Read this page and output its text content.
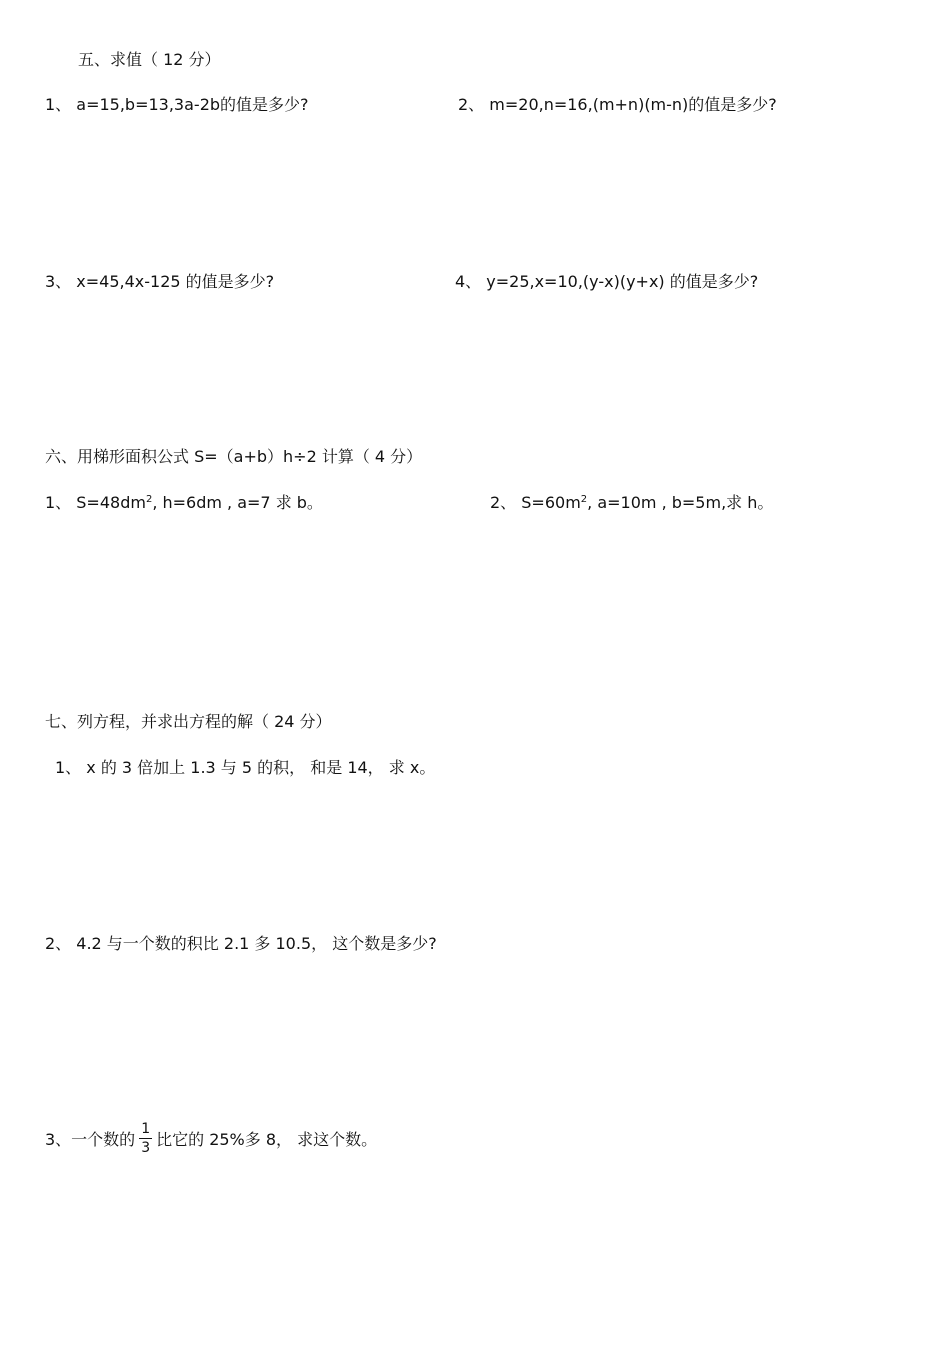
五、求值（ 12 分）
1、 a=15,b=13,3a-2b的值是多少?	2、 m=20,n=16,(m+n)(m-n)的值是多少?
3、 x=45,4x-125 的值是多少?	4、 y=25,x=10,(y-x)(y+x) 的值是多少?
六、用梯形面积公式 S=（a+b）h÷2 计算（ 4 分）
1、 $S=48dm^2$, h=6dm , a=7 求 b。	2、 $S=60m^2$, a=10m , b=5m,求 h。
七、列方程，并求出方程的解（ 24 分）
1、 x 的 3 倍加上 1.3 与 5 的积， 和是 14， 求 x。
2、 4.2 与一个数的积比 2.1 多 10.5， 这个数是多少?
3、一个数的 $\frac{1}{3}$ 比它的 25%多 8， 求这个数。
